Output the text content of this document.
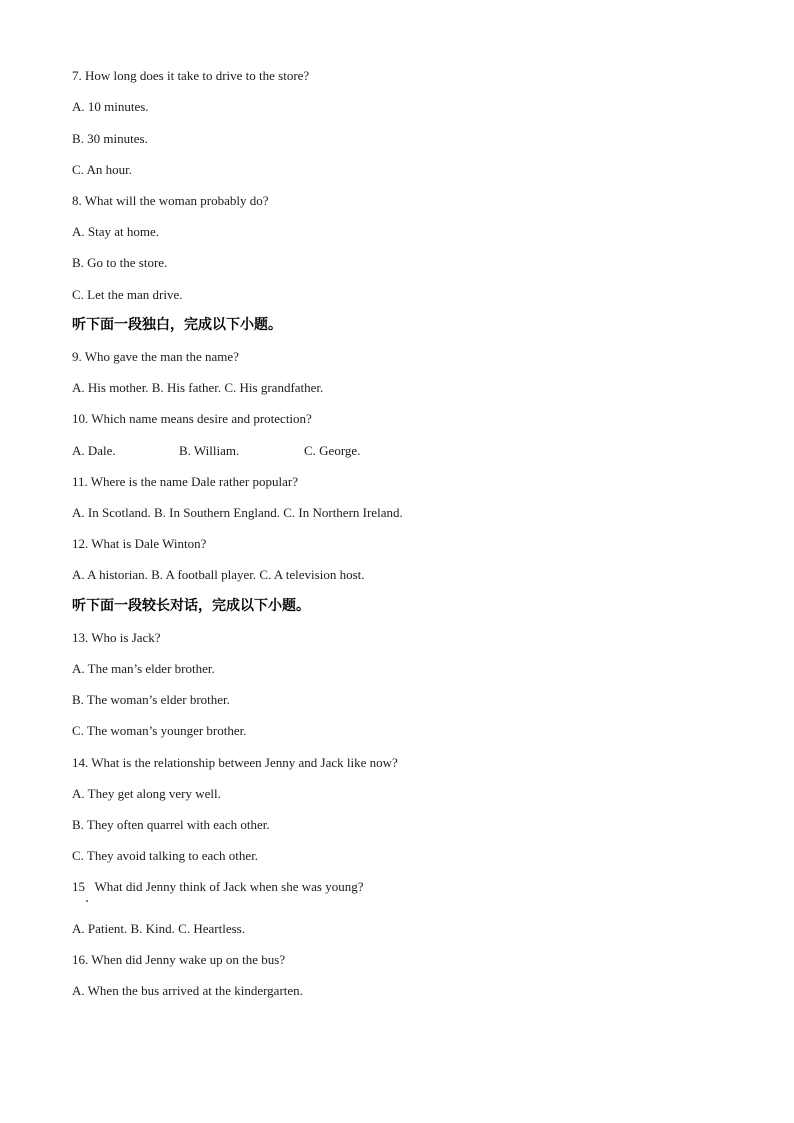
7. How long does it take to drive to the store?
A. 10 minutes.
B. 30 minutes.
C. An hour.
8. What will the woman probably do?
A. Stay at home.
B. Go to the store.
C. Let the man drive.
听下面一段独白，完成以下小题。
9. Who gave the man the name?
A. His mother. B. His father. C. His grandfather.
10. Which name means desire and protection?
A. Dale.	B. William.	C. George.
11. Where is the name Dale rather popular?
A. In Scotland. B. In Southern England. C. In Northern Ireland.
12. What is Dale Winton?
A. A historian. B. A football player. C. A television host.
听下面一段较长对话，完成以下小题。
13. Who is Jack?
A. The man’s elder brother.
B. The woman’s elder brother.
C. The woman’s younger brother.
14. What is the relationship between Jenny and Jack like now?
A. They get along very well.
B. They often quarrel with each other.
C. They avoid talking to each other.
15   What did Jenny think of Jack when she was young?
A. Patient. B. Kind. C. Heartless.
16. When did Jenny wake up on the bus?
A. When the bus arrived at the kindergarten.
